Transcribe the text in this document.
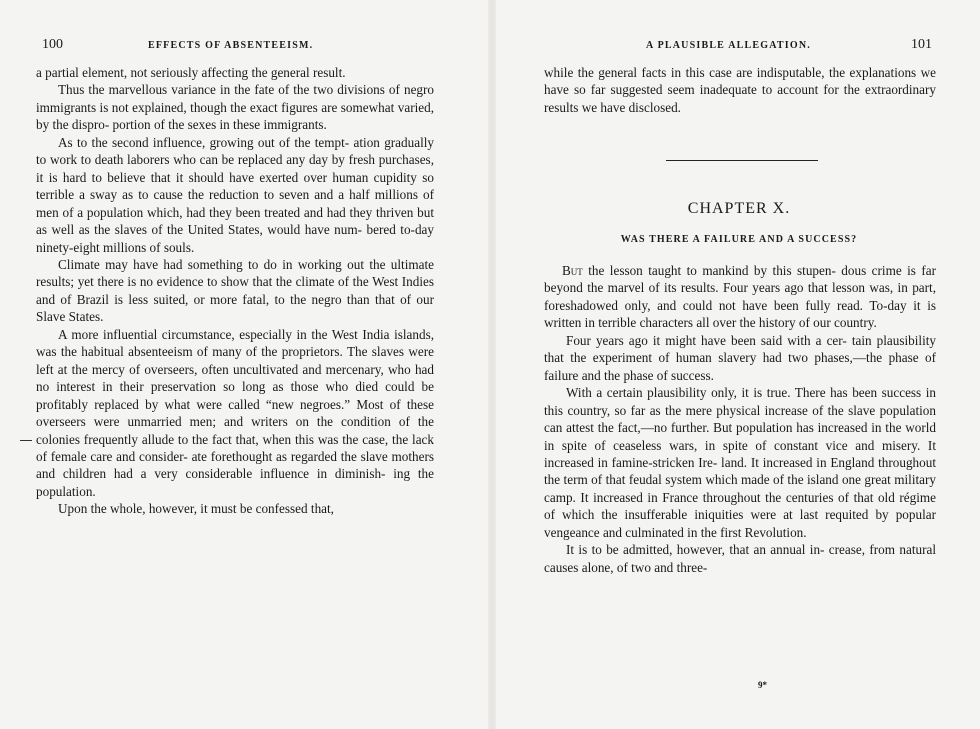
100	EFFECTS OF ABSENTEEISM.

a partial element, not seriously affecting the general result.

Thus the marvellous variance in the fate of the two divisions of negro immigrants is not explained, though the exact figures are somewhat varied, by the dispro- portion of the sexes in these immigrants.

As to the second influence, growing out of the tempt- ation gradually to work to death laborers who can be replaced any day by fresh purchases, it is hard to believe that it should have exerted over human cupidity so terrible a sway as to cause the reduction to seven and a half millions of men of a population which, had they been treated and had they thriven but as well as the slaves of the United States, would have num- bered to-day ninety-eight millions of souls.

Climate may have had something to do in working out the ultimate results; yet there is no evidence to show that the climate of the West Indies and of Brazil is less suited, or more fatal, to the negro than that of our Slave States.

A more influential circumstance, especially in the West India islands, was the habitual absenteeism of many of the proprietors. The slaves were left at the mercy of overseers, often uncultivated and mercenary, who had no interest in their preservation so long as those who died could be profitably replaced by what were called “new negroes.” Most of these overseers were unmarried men; and writers on the condition of the colonies frequently allude to the fact that, when this was the case, the lack of female care and consider- ate forethought as regarded the slave mothers and children had a very considerable influence in diminish- ing the population.

Upon the whole, however, it must be confessed that,

A PLAUSIBLE ALLEGATION.	101

while the general facts in this case are indisputable, the explanations we have so far suggested seem inadequate to account for the extraordinary results we have disclosed.

CHAPTER X.
WAS THERE A FAILURE AND A SUCCESS?

But the lesson taught to mankind by this stupen- dous crime is far beyond the marvel of its results. Four years ago that lesson was, in part, foreshadowed only, and could not have been fully read. To-day it is written in terrible characters all over the history of our country.

Four years ago it might have been said with a cer- tain plausibility that the experiment of human slavery had two phases,—the phase of failure and the phase of success.

With a certain plausibility only, it is true. There has been success in this country, so far as the mere physical increase of the slave population can attest the fact,—no further. But population has increased in the world in spite of ceaseless wars, in spite of constant vice and misery. It increased in famine-stricken Ire- land. It increased in England throughout the term of that feudal system which made of the island one great military camp. It increased in France throughout the centuries of that old régime of which the insufferable iniquities were at last requited by popular vengeance and culminated in the first Revolution.

It is to be admitted, however, that an annual in- crease, from natural causes alone, of two and three-

9*
